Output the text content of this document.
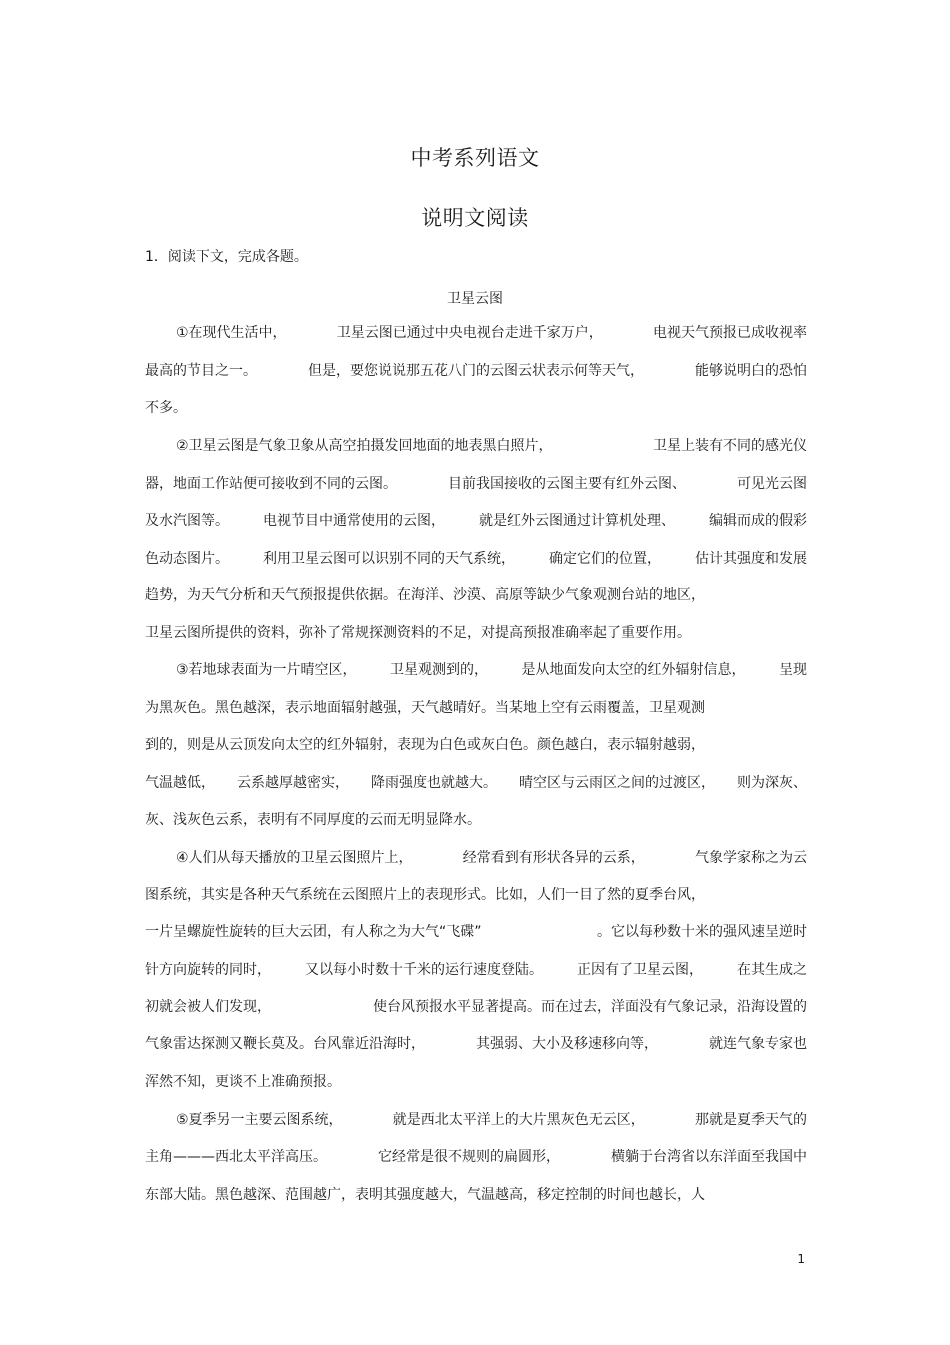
中考系列语文
说明文阅读
1．阅读下文，完成各题。
卫星云图
①在现代生活中，	卫星云图已通过中央电视台走进千家万户，	电视天气预报已成收视率
最高的节目之一。	但是，要您说说那五花八门的云图云状表示何等天气，	能够说明白的恐怕
不多。
②卫星云图是气象卫象从高空拍摄发回地面的地表黑白照片，	卫星上装有不同的感光仪
器，地面工作站便可接收到不同的云图。	目前我国接收的云图主要有红外云图、	可见光云图
及水汽图等。 电视节目中通常使用的云图， 就是红外云图通过计算机处理、 编辑而成的假彩
色动态图片。 利用卫星云图可以识别不同的天气系统， 确定它们的位置， 估计其强度和发展
趋势，为天气分析和天气预报提供依据。在海洋、沙漠、高原等缺少气象观测台站的地区，
卫星云图所提供的资料，弥补了常规探测资料的不足，对提高预报准确率起了重要作用。
③若地球表面为一片晴空区， 卫星观测到的， 是从地面发向太空的红外辐射信息， 呈现
为黑灰色。黑色越深，表示地面辐射越强，天气越晴好。当某地上空有云雨覆盖，卫星观测
到的，则是从云顶发向太空的红外辐射，表现为白色或灰白色。颜色越白，表示辐射越弱，
气温越低， 云系越厚越密实， 降雨强度也就越大。 晴空区与云雨区之间的过渡区， 则为深灰、
灰、浅灰色云系，表明有不同厚度的云而无明显降水。
④人们从每天播放的卫星云图照片上，	经常看到有形状各异的云系，	气象学家称之为云
图系统，其实是各种天气系统在云图照片上的表现形式。比如，人们一目了然的夏季台风，
一片呈螺旋性旋转的巨大云团，有人称之为大气“飞碟”	。它以每秒数十米的强风速呈逆时
针方向旋转的同时， 又以每小时数十千米的运行速度登陆。 正因有了卫星云图， 在其生成之
初就会被人们发现，	使台风预报水平显著提高。而在过去，洋面没有气象记录，沿海设置的
气象雷达探测又鞭长莫及。台风靠近沿海时，	其强弱、大小及移速移向等，	就连气象专家也
浑然不知，更谈不上准确预报。
⑤夏季另一主要云图系统，	就是西北太平洋上的大片黑灰色无云区，	那就是夏季天气的
主角———西北太平洋高压。	它经常是很不规则的扁圆形，	横躺于台湾省以东洋面至我国中
东部大陆。黑色越深、范围越广，表明其强度越大，气温越高，移定控制的时间也越长，人
1
